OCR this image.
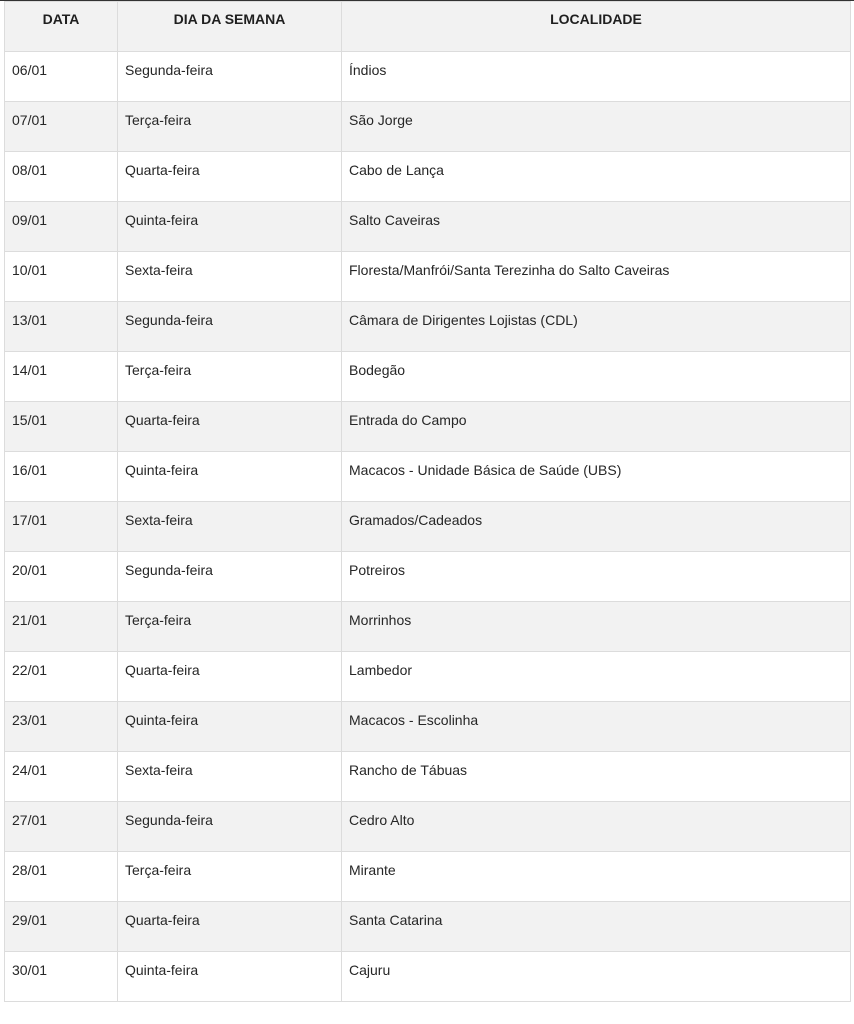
DATA	DIA DA SEMANA	LOCALIDADE
06/01	Segunda-feira	Índios
07/01	Terça-feira	São Jorge
08/01	Quarta-feira	Cabo de Lança
09/01	Quinta-feira	Salto Caveiras
10/01	Sexta-feira	Floresta/Manfrói/Santa Terezinha do Salto Caveiras
13/01	Segunda-feira	Câmara de Dirigentes Lojistas (CDL)
14/01	Terça-feira	Bodegão
15/01	Quarta-feira	Entrada do Campo
16/01	Quinta-feira	Macacos - Unidade Básica de Saúde (UBS)
17/01	Sexta-feira	Gramados/Cadeados
20/01	Segunda-feira	Potreiros
21/01	Terça-feira	Morrinhos
22/01	Quarta-feira	Lambedor
23/01	Quinta-feira	Macacos - Escolinha
24/01	Sexta-feira	Rancho de Tábuas
27/01	Segunda-feira	Cedro Alto
28/01	Terça-feira	Mirante
29/01	Quarta-feira	Santa Catarina
30/01	Quinta-feira	Cajuru
